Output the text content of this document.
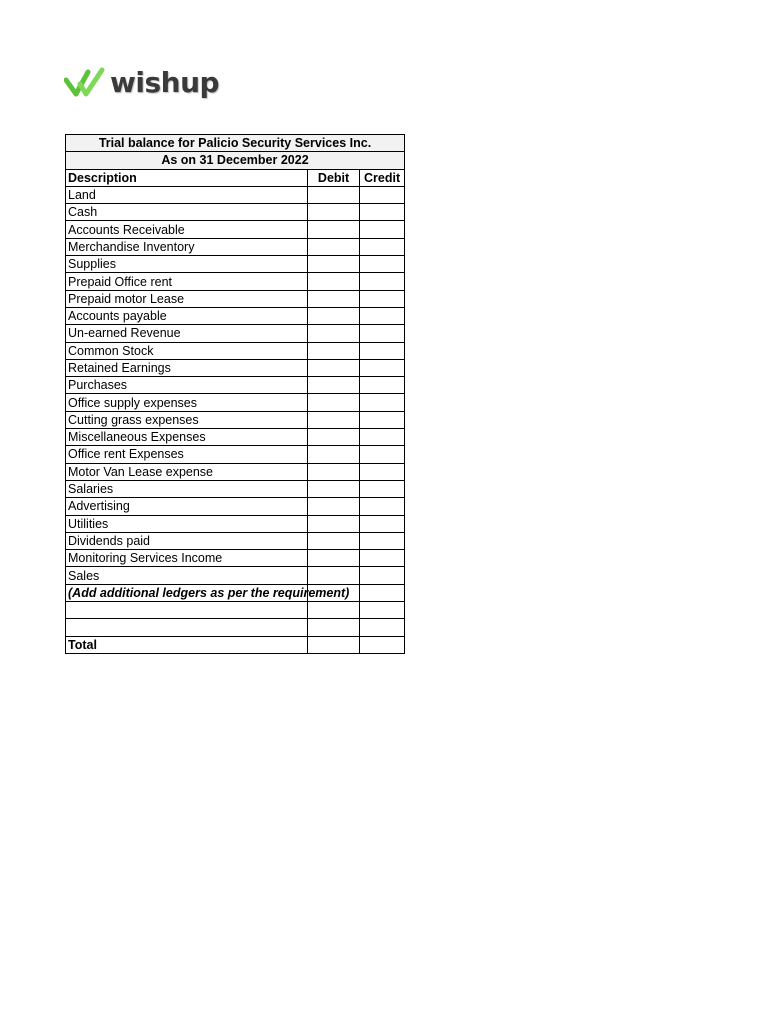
wishup
Trial balance for Palicio Security Services Inc.		
As on 31 December 2022		
Description	Debit	Credit
Land		
Cash		
Accounts Receivable		
Merchandise Inventory		
Supplies		
Prepaid Office rent		
Prepaid motor Lease		
Accounts payable		
Un-earned Revenue		
Common Stock		
Retained Earnings		
Purchases		
Office supply expenses		
Cutting grass expenses		
Miscellaneous Expenses		
Office rent Expenses		
Motor Van Lease expense		
Salaries		
Advertising		
Utilities		
Dividends paid		
Monitoring Services Income		
Sales		
(Add additional ledgers as per the requirement)		

Total		
